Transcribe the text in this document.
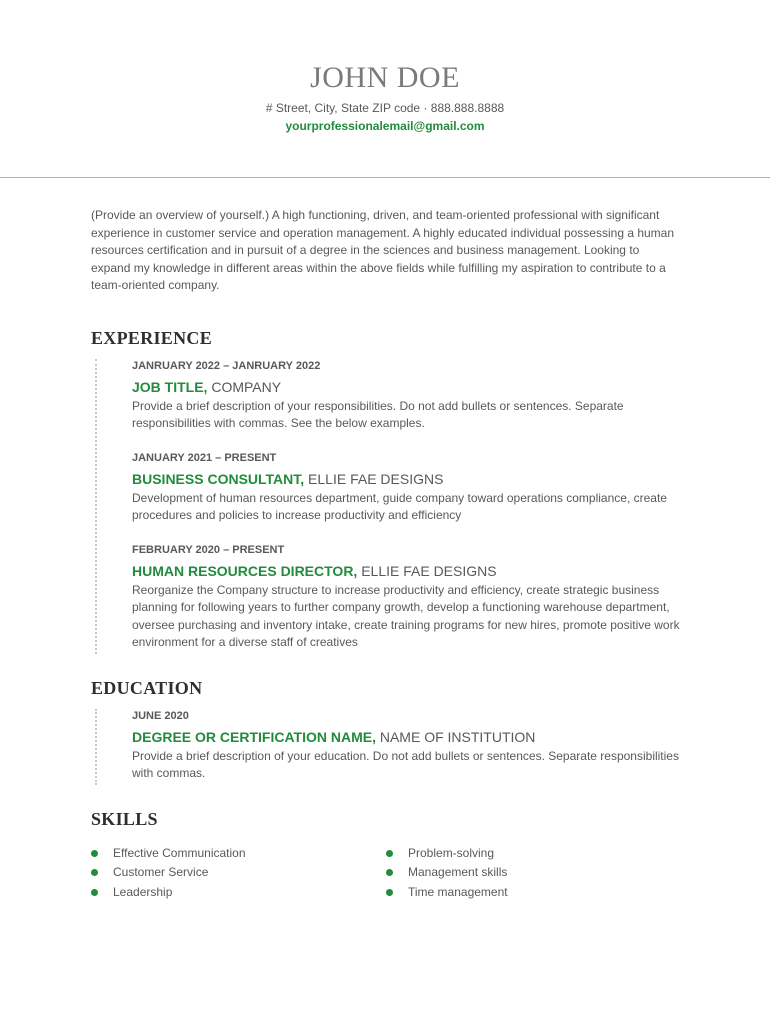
JOHN DOE
# Street, City, State ZIP code · 888.888.8888
yourprofessionalemail@gmail.com

(Provide an overview of yourself.) A high functioning, driven, and team-oriented professional with significant experience in customer service and operation management. A highly educated individual possessing a human resources certification and in pursuit of a degree in the sciences and business management. Looking to expand my knowledge in different areas within the above fields while fulfilling my aspiration to contribute to a team-oriented company.

EXPERIENCE
JANRUARY 2022 – JANRUARY 2022
JOB TITLE, COMPANY
Provide a brief description of your responsibilities. Do not add bullets or sentences. Separate responsibilities with commas. See the below examples.
JANUARY 2021 – PRESENT
BUSINESS CONSULTANT, ELLIE FAE DESIGNS
Development of human resources department, guide company toward operations compliance, create procedures and policies to increase productivity and efficiency
FEBRUARY 2020 – PRESENT
HUMAN RESOURCES DIRECTOR, ELLIE FAE DESIGNS
Reorganize the Company structure to increase productivity and efficiency, create strategic business planning for following years to further company growth, develop a functioning warehouse department, oversee purchasing and inventory intake, create training programs for new hires, promote positive work environment for a diverse staff of creatives
EDUCATION
JUNE 2020
DEGREE OR CERTIFICATION NAME, NAME OF INSTITUTION
Provide a brief description of your education. Do not add bullets or sentences. Separate responsibilities with commas.
SKILLS
Effective Communication
Customer Service
Leadership
Problem-solving
Management skills
Time management
